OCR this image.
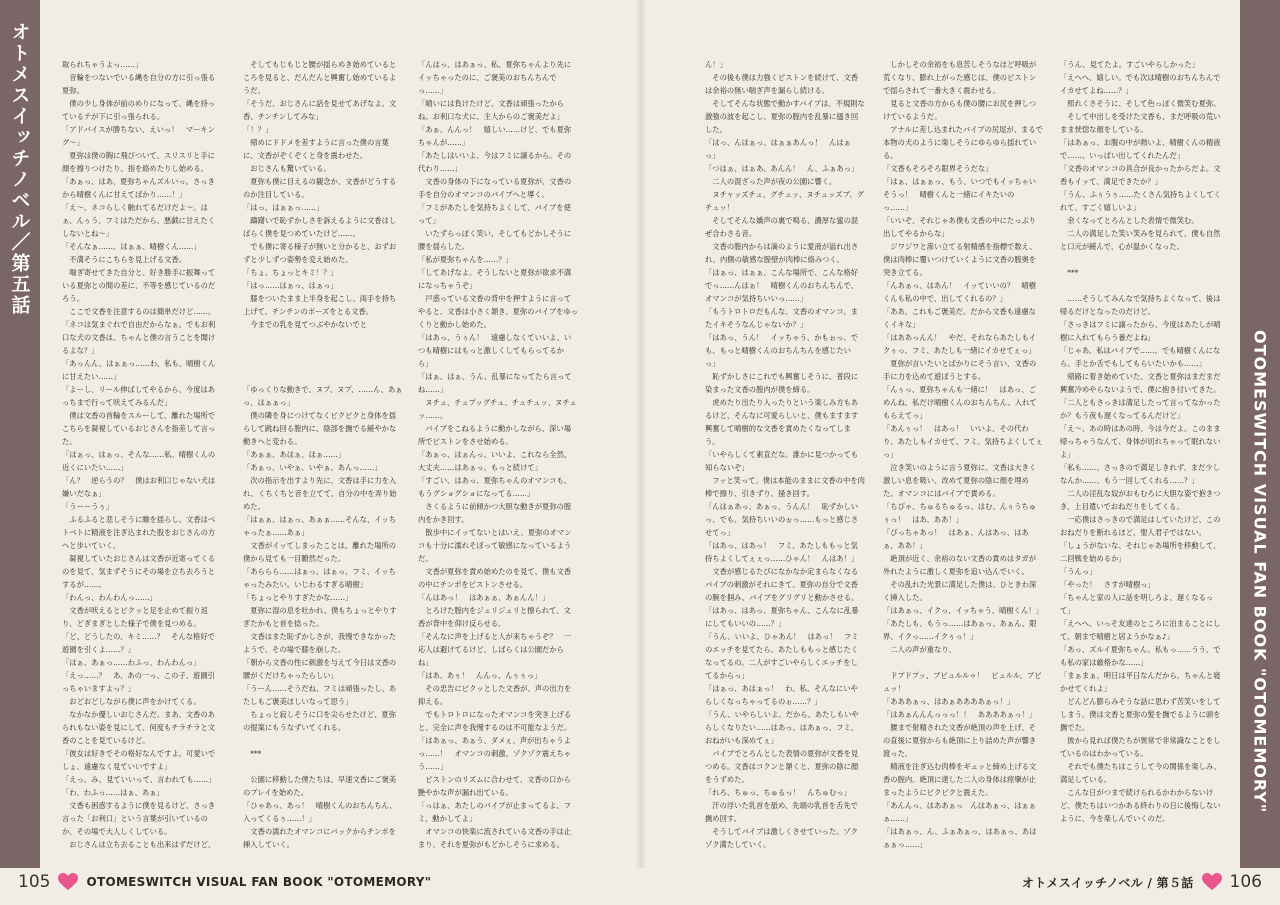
オトメスイッチノベル／第五話
OTOMESWITCH VISUAL FAN BOOK "OTOMEMORY"

取られちゃうよっ……」
　音輪をつないでいる縄を自分の方に引っ張る夏弥。
　僕の少し身体が前のめりになって、縄を持っているテが下に引っ張られる。
「アドバイスが勝ちない、えいっ！　マーキング～」
　夏弥は僕の胸に飛びついて、スリスリと手に顔を擦りつけたり、指を絡めたりし始める。
「あぁっ、はあ、夏弥ちゃんズルいっ。さっきから晴樹くんに甘えてばかり……！」
「え～、ネコらしく触れてるだけだよ～。はぁ、んぅう、フミはただから、悪戯に甘えたくしないとね～」
「そんなぁ……、はぁぁ、晴樹くん……」
　不満そうにこちらを見上げる文香。
　喘ぎ寄せてきた自分と、好き勝手に振舞っている夏弥との間の差に、不等を感じているのだろう。
　ここで文香を注意するのは簡単だけど……。
「ネコは気まぐれで自由だからなぁ。でもお利口な犬の文香は、ちゃんと僕の言うことを聞けるよな？」
「あっんん、はぁぁっ……わ、私も、晴樹くんに甘えたい……」
「よーし、リール伸ばしてやるから、今度はあっちまで行って吠えてみるんだ」
　僕は文香の首輪をスルーして、離れた場所でこちらを凝視しているおじさんを指差して言った。
「はぁっ、はぁっ、そんな……私、晴樹くんの近くにいたい……」
「ん？　逆らうの？　僕はお利口じゃない犬は嫌いだなぁ」
「うーーうぅ」
　ふるふると悲しそうに瞼を揺らし、文香はベトベトに精液を注ぎ込まれた股をおじさんの方へと歩いていく。
　凝視していたおじさんは文香が近寄ってくるのを見て、気まずそうにその場を立ち去ろうとするが……。
「わんっ、わんわんっ……」
　文香が吠えるとビクッと足を止めて振り返り、どぎまぎとした様子で僕を見つめる。
「ど、どうしたの、キミ……？　そんな格好で遊園を引くよ……？」
「はぁ、あぁっ……わふっ、わんわんっ」
「えっ……？　あ、あの一っ、この子、遊園引っちゃいますよっ？」
　おどおどしながら僕に声をかけてくる。
　なかなか優しいおじさんだ。まあ、文香のあられもない姿を見にして、何度もチラチラと文香のことを見ているけど。
「彼女は好きでその格好なんですよ。可愛いでしょ、遠慮なく見ていいですよ」
「えっ、み、見ていいって、言われても……」
「わ、わふっ……はぁ、あぁ」
　文香も困惑するように僕を見るけど、さっき言った「お利口」という言葉が引いているのか、その場で大人しくしている。
　おじさんは立ち去ることも出来はずだけど、

　そしてもじもじと腰が揺らめき始めているところを見ると、だんだんと興奮し始めているようだ。
「そうだ、おじさんに話を見せてあげなよ。文香、チンチンしてみな」
「！？」
　帰めにドドメを差すように言った僕の言葉に、文香がぞくぞくと身を震わせた。
　おじさんも驚いている。
　夏弥も僕に目えるの観念か、文香がどうするのか注目している。
「はっ、はぁぁっ……」
　躊躇いで恥ずかしさを訴えるように文香はしばらく僕を見つめていたけど……。
　でも僕に寄る様子が無いと分かると、おずおずと少しずつ姿勢を変え始めた。
「ちょ、ちょっとキミ！？」
「はっ……はぁっ、はぁっ」
　膝をついたまま上半身を起こし、両手を持ち上げて、チンチンのポーズをとる文香。
　今までの乳を見てつぶやかないでと

「ゆっくりな動きで、ヌプ、ヌプ、……ん、あぁっ、はぁぁっ」
　僕の隣を身につけてなくビクビクと身体を揺らして跳ね回る膣内に、陰部を撫でる緩やかな動きへと変わる。
「あぁぁ、あはぁ、はぁ……」
「あぁっ、いやぁ、いやぁ、あんっ……」
　次の指示を出すより先に、文香は手に力を入れ、くちくちと音を立てて、自分の中を弄り始めた。
「はぁぁ、はぁっ、あぁぁ……そんな、イッちゃったぁ……あぁ」
　文香がイッてしまったことは、離れた場所の僕から見ても一目瞭然だった。
「あららら……はぁっ、はぁっ、フミ、イッちゃったみたい。いじわるすぎる晴樹」
「ちょっとやりすぎたかな……」
　夏弥に湿の息を吐かれ、僕もちょっとやりすぎたかもと首を捻った。
　文香はまた恥ずかしさが、我慢できなかったようで、その場で膝を崩した。
「朝から文香の性に刺激を与えて今日は文香の腰がくだけちゃったらしい」
「うーん……そうだね、フミは頑張ったし、あたしもご褒美ほしいなって思う」
　ちょっと寂しそうに口を尖らせたけど、夏弥の提案にもうなずいてくれる。

　***

　公園に移動した僕たちは、早速文香にご褒美のプレイを始めた。
「ひゃあっ、あっ！　晴樹くんのおちんちん、入ってくるぅ……！」
　文香の濡れたオマンコにバックからチンポを挿入していく。

「んはっ、はあぁっ、私、夏弥ちゃんより先にイッちゃったのに、ご褒美のおちんちんでっ……」
「晴いには負けたけど、文香は頑張ったからね。お利口な犬に、主人からのご褒美だよ」
「あぁ、んんっ！　嬉しい……けど、でも夏弥ちゃんが……」
「あたしはいいよ、今はフミに譲るから。その代わり……」
　文香の身体の下になっている夏弥が、文香の手を自分のオマンコのバイブへと導く。
「フミがあたしを気持ちよくして、バイブを使って」
　いたずらっぽく笑い、そしてもどかしそうに腰を揺らした。
「私が夏弥ちゃんを……？」
「してあげなよ。そうしないと夏弥が欲求不満になっちゃうぞ」
　戸惑っている文香の背中を押すように言ってやると、文香は小さく頷き、夏弥のバイブをゆっくりと動かし始めた。
「はあっ、うぅん！　遠慮しなくていいよ、いつも晴樹にはもっと激しくしてもらってるから」
「はぁ、はぁ、うん、乱暴になってたら言ってね……」
　ヌチュ、チュプッグチュ、チュチュッ、ヌチュッ……。
　バイブをこねるように動かしながら、深い場所でピストンをさせ始める。
「あぁっ、はぁんっ、いいよ、これなら全然、大丈夫……はあぁっ、もっと続けて」
「すごい、はあっ、夏弥ちゃんのオマンコも、もうグショグショになってる……」
　さくるように前傾かつ大胆な動きが夏弥の膣内をかき回す。
　散歩中にイッてないとはいえ、夏弥のオマンコも十分に濡れそぼって敏感になっているようだ。
　文香が夏弥を責め始めたのを見て、僕も文香の中にチンポをピストンさせる。
「んはあっ！　はあぁぁ、あぁんん！」
　とろけた膣内をジュリジュリと擦られて、文香が背中を仰け反らせる。
「そんなに声を上げると人が来ちゃうぞ？　一応人は避けてるけど、しばらくは公園だからね」
「はあ、あぅ！　んんっ、んぅぅっ」
　その忠告にビクッとした文香が、声の出力を抑える。
　でもトロトロになったオマンコを突き上げると、完全に声を我慢するのは不可能なようだ。
「はあぁっ、あぁう、ダメぇ、声が出ちゃうよっ……！　オマンコの刺激、ゾクゾク震えちゃう……」
　ピストンのリズムに合わせて、文香の口から艶やかな声が漏れ出ている。
「っはぁ、あたしのバイブが止まってるよ、フミ、動かしてよ」
　オマンコの快楽に流されている文香の手は止まり、それを夏弥がもどかしそうに求める。

ん！」
　その後も僕は力強くピストンを続けて、文香は余裕の無い喘ぎ声を漏らし続ける。
　そしてそんな状態で動かすバイブは、不規則な激強の波を起こし、夏弥の膣内を乱暴に搔き回した。
「はっ、んはぁっ、はぁぁあんっ！　んはぁっ」
「つはぁ、はぁあ、あんん！　ん、ふぁあっ」
　二人の混ざった声が夜の公園に響く。
　ヌチャッズチュ、グチュッ、ヌチュッズブ、グチュッ！
　そしてそんな嬌声の裏で鳴る、濃厚な蜜の混ぜ合わさる音。
　文香の膣内からは滴のように愛液が溢れ出され、内側の敏感な膣壁が肉棒に絡みつく。
「はぁっ、はぁぁ、こんな場所で、こんな格好でっ……んはぁ！　晴樹くんのおちんちんで、オマンコが気持ちいいっ……」
「もうトロトロだもんな、文香のオマンコ。またイキそうなんじゃないか？」
「はあっ、うん！　イッちゃう、かもぉっ。でも、もっと晴樹くんのおちんちんを感じたいっ」
　恥ずかしさにこれでも興奮しそうに、普段に染まった文香の膣内が僕を締る。
　虎めたり出たり入ったりという楽しみ方もあるけど、そんなに可愛らしいと、僕もますます興奮して晴樹的な文香を責めたくなってしまう。
「いやらしくて素直だな。誰かに見つかっても知らないぞ」
　フッと笑って、僕は本能のままに文香の中を肉棒で擦り、引きずり、掻き回す。
「んはぁあっ、あぁっ、うんん！　恥ずかしいっ、でも、気持ちいいのぉっ……もっと感じさせてっ」
「はあっ、はあっ！　フミ、あたしももっと気持ちよくしてぇぇっ……ひゃん！　んはあ！」
　文香が感じるたびになかなか定まらなくなるバイブの刺激がそれにきて、夏弥の自分で文香の腕を掴み、バイブをグリグリと動かさせる。
「はあっ、はあっ、夏弥ちゃん、こんなに乱暴にしてもいいの……？」
「うん、いいよ、ひゃあん！　はあっ！　フミのエッチを見てたら、あたしももっと感じたくなってるの。二人がすごいやらしくエッチをしてるからっ」
「はぁっ、あはぁっ！　わ、私、そんなにいやらしくなっちゃってるのぉ……？」
「うん、いやらしいよ。だから、あたしもいやらしくなりたい……はあっ、はあぁっ、フミ、おねがいも深めてぇ」
　バイブでとろんとした表情の夏弥が文香を見つめる。文香はコクンと頷くと、夏弥の陰に顔をうずめた。
「れろ、ちゅっ、ちゅるっ！　んちゅむっ」
　汗の浮いた乳首を舐め、先端の乳首を舌先で撫め回す。
　そうしてバイブは激しくさせていった。ゾクゾク満たしていく。

　しかしその余裕をも息苦しそうなほど呼吸が荒くなり、膨れ上がった感じは、僕のピストンで揺らされて一番大きく震わせる。
　見ると文香の方からも僕の腰にお尻を押しつけているようだ。
　アナルに差し込まれたバイブの尻尾が、まるで本物の犬のように楽しそうにゆらゆら揺れている。
「文香もそろそろ限界そうだな」
「はぁ、はぁぁっ、もう、いつでもイッちゃいそうっ！　晴樹くんと一緒にイキたいのっ……」
「いいぞ、それじゃあ僕も文香の中にたっぷり出してやるからな」
　ジワジワと滲い立てる射精感を指標で数え、僕は肉棒に覆いつけていくように文香の膣奥を突き立てる。
「んあぁっ、はあん！　イッていいの？　晴樹くんも私の中で、出してくれるの？」
「ああ、これもご褒美だ。だから文香も遠慮なくイキな」
「はああっんん！　やだ、それならあたしもイクぅっ、フミ、あたしも一緒にイカせてぇっ」
　夏弥が言いたいとばかりにそう言い、文香の手に力を込めて遊ぼうとする。
「んぅっ、夏弥ちゃんも一緒に！　はあっ、ごめんね、私だけ晴樹くんのおちんちん、入れてもらえてっ」
「あんぅっ！　はあっ！　いいよ、その代わり、あたしもイカせて、フミ。気持ちよくしてぇっ」
　泣き笑いのように言う夏弥に、文香は大きく激しい息を吸い、改めて夏弥の陰に顔を埋めた。オマンコにはバイブで責める。
「ちぴゃ、ちゅるちゅるっ、はむ、んぅうちゅぅっ！　はあ、ああ！」
「ぴっちゃあっ！　はあぁ、んはあっ、はあぁ、ああ！」
　絶頂が近く、余裕のない文香の責めはタガが外れたように激しく夏弥を追い込んでいく。
　その乱れた光景に満足した僕は、ひときわ深く挿入した。
「はあぁっ、イクっ、イッちゃう、晴樹くん！」
「あたしも、もうっ……はあぁっ、あぁん、限界、イクっ……イクぅっ！」
　二人の声が重なり、

　ドプドプッ、ブビュルルゥ！　ビュルル、ブビュッ！
「あああぁっ、はあぁああああぁっ！」
「はあぁんんんっっっ！！　ああああぁっ！」
　腰まで射精された文香が絶頂の声を上げ、その直後に夏弥からも絶頂に上り詰めた声が響き渡った。
　精液を注ぎ込む肉棒をギュッと締め上げる文香の膣内。絶頂に達した二人の身体は痙攣が止まったようにビクビクと震えた。
「あんんっ、はああぁっ　んはあぁっ、はぁぁぁ……」
「はあぁっ、ん、ふぁあぁっ、はあぁっ、あはぁぁっ……」

「うん、見てたよ。すごいやらしかった」
「えへへ、嬉しい。でも次は晴樹のおちんちんでイカせてよね……？」
　照れくさそうに、そして色っぽく微笑む夏弥。
　そして中出しを受けた文香も、まだ呼吸の荒いまま恍惚な顔をしている。
「はあぁっ、お腹の中が熱いよ、晴樹くんの精液で……、いっぱい出してくれたんだ」
「文香のオマンコの具合が良かったからだよ。文香もイッて、満足できたか？」
「うん、ふぅうぅ……たくさん気持ちよくしてくれて、すごく嬉しいよ」
　余くなってとろんとした表情で微笑む。
　二人の満足した笑い笑みを見られて、僕も自然と口元が緩んで、心が温かくなった。

　***

　……そうしてみんなで気持ちよくなって、後は帰るだけとなったのだけど。
「さっきはフミに譲ったから、今度はあたしが晴樹に入れてもらう番だよね」
「じゃあ、私はバイブで……。でも晴樹くんになら、手とか舌でもしてもらいたいかも……」
　帰路に着き始めていた、文香と夏弥はまだまだ興奮冷めやらないようで、僕に抱き付いてきた。
「二人ともさっきは満足したって言ってなかったか？もう夜も遅くなってるんだけど」
「え～、あの時はあの時、今は今だよ。このまま帰っちゃうなんて、身体が切れちゃって眠れないよ」
「私も……、さっきので満足しきれず、まだ少しなんか……、もう一回してくれる……？」
　二人の淫乱な奴がおもむろに大胆な姿で抱きつき、上目遣いでおねだりをしてくる。
　一応僕はさっきので満足はしていたけど、このおねだりを断れるほど、聖人君子ではない。
「しょうがないな、それじゃあ場所を移動して、二回戦を始めるか」
「うんっ」
「やった！　さすが晴樹っ」
「ちゃんと家の人に話を明しろよ、遅くなるって」
「えへへ、いっそ友達のところに泊まることにして、朝まで晴樹と居ようかなぁ♪」
「あっ、ズルイ夏弥ちゃん。私もっ……うう、でも私の家は厳格かな……」
「まぁまぁ、明日は平日なんだから、ちゃんと寝かせてくれよ」
　どんどん膨らみそうな話に思わず苦笑いをしてしまう。僕は文香と夏弥の髪を撫でるように頭を撫でた。
　彼から見れば僕たちが異常で非常識なことをしているのはわかっている。
　それでも僕たちはこうして今の関係を楽しみ、満足している。
　こんな日がつまで続けられるかわからないけど、僕たちはいつかある終わりの日に後悔しないように、今を楽しんでいくのだ。

105	OTOMESWITCH VISUAL FAN BOOK "OTOMEMORY"	オトメスイッチノベル / 第５話 106
